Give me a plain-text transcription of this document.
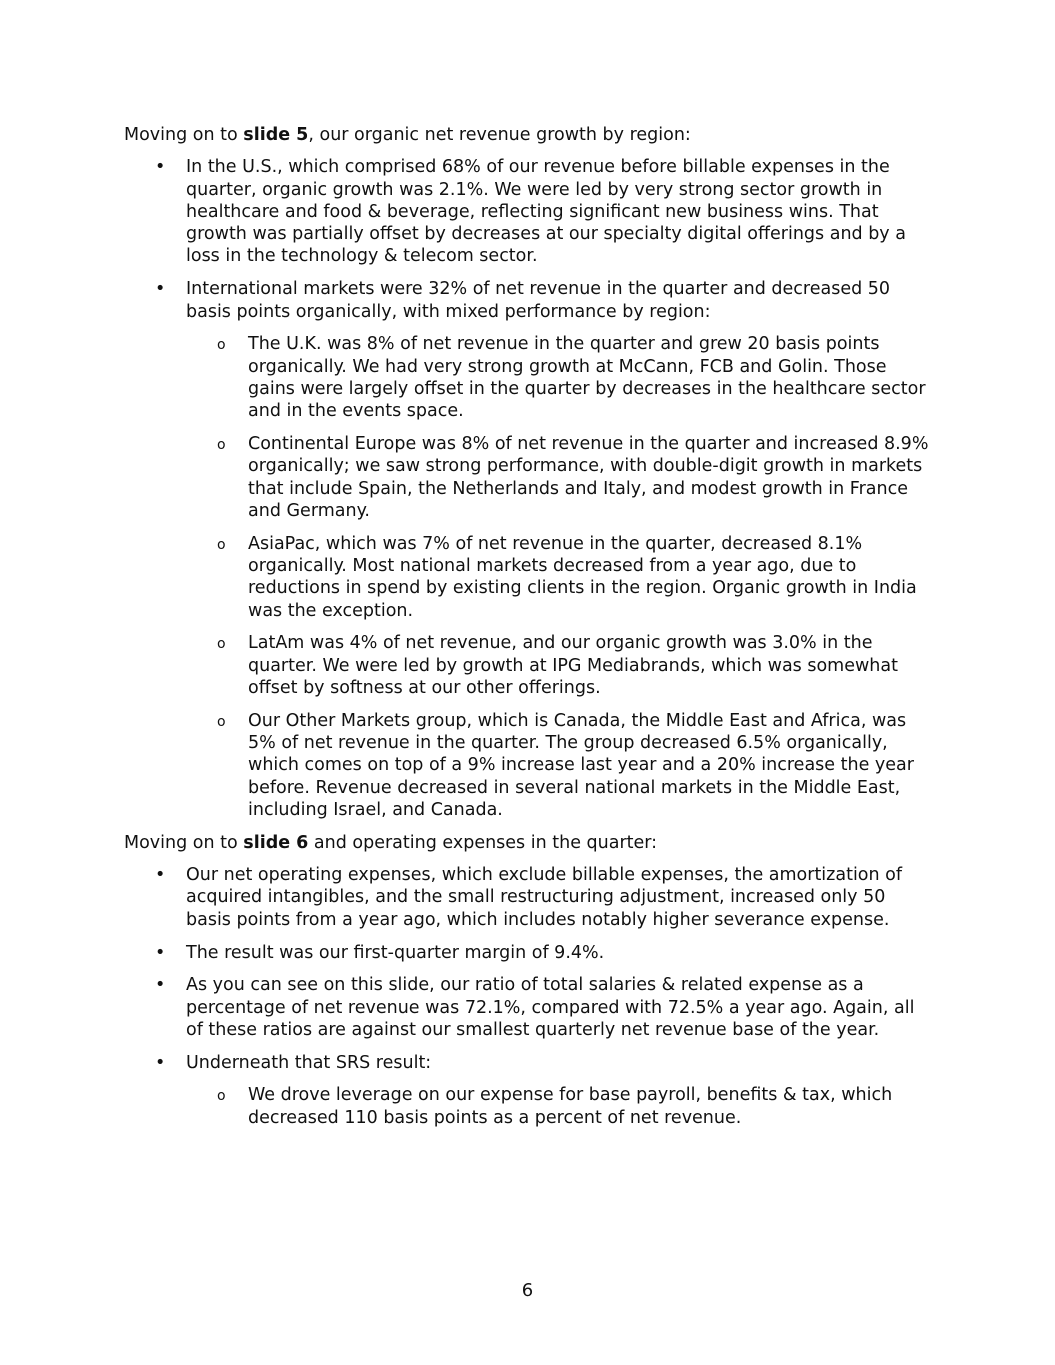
Moving on to slide 5, our organic net revenue growth by region:

• In the U.S., which comprised 68% of our revenue before billable expenses in the quarter, organic growth was 2.1%. We were led by very strong sector growth in healthcare and food & beverage, reflecting significant new business wins. That growth was partially offset by decreases at our specialty digital offerings and by a loss in the technology & telecom sector.
• International markets were 32% of net revenue in the quarter and decreased 50 basis points organically, with mixed performance by region:
o The U.K. was 8% of net revenue in the quarter and grew 20 basis points organically. We had very strong growth at McCann, FCB and Golin. Those gains were largely offset in the quarter by decreases in the healthcare sector and in the events space.
o Continental Europe was 8% of net revenue in the quarter and increased 8.9% organically; we saw strong performance, with double-digit growth in markets that include Spain, the Netherlands and Italy, and modest growth in France and Germany.
o AsiaPac, which was 7% of net revenue in the quarter, decreased 8.1% organically. Most national markets decreased from a year ago, due to reductions in spend by existing clients in the region. Organic growth in India was the exception.
o LatAm was 4% of net revenue, and our organic growth was 3.0% in the quarter. We were led by growth at IPG Mediabrands, which was somewhat offset by softness at our other offerings.
o Our Other Markets group, which is Canada, the Middle East and Africa, was 5% of net revenue in the quarter. The group decreased 6.5% organically, which comes on top of a 9% increase last year and a 20% increase the year before. Revenue decreased in several national markets in the Middle East, including Israel, and Canada.

Moving on to slide 6 and operating expenses in the quarter:

• Our net operating expenses, which exclude billable expenses, the amortization of acquired intangibles, and the small restructuring adjustment, increased only 50 basis points from a year ago, which includes notably higher severance expense.
• The result was our first-quarter margin of 9.4%.
• As you can see on this slide, our ratio of total salaries & related expense as a percentage of net revenue was 72.1%, compared with 72.5% a year ago. Again, all of these ratios are against our smallest quarterly net revenue base of the year.
• Underneath that SRS result:
o We drove leverage on our expense for base payroll, benefits & tax, which decreased 110 basis points as a percent of net revenue.
6
